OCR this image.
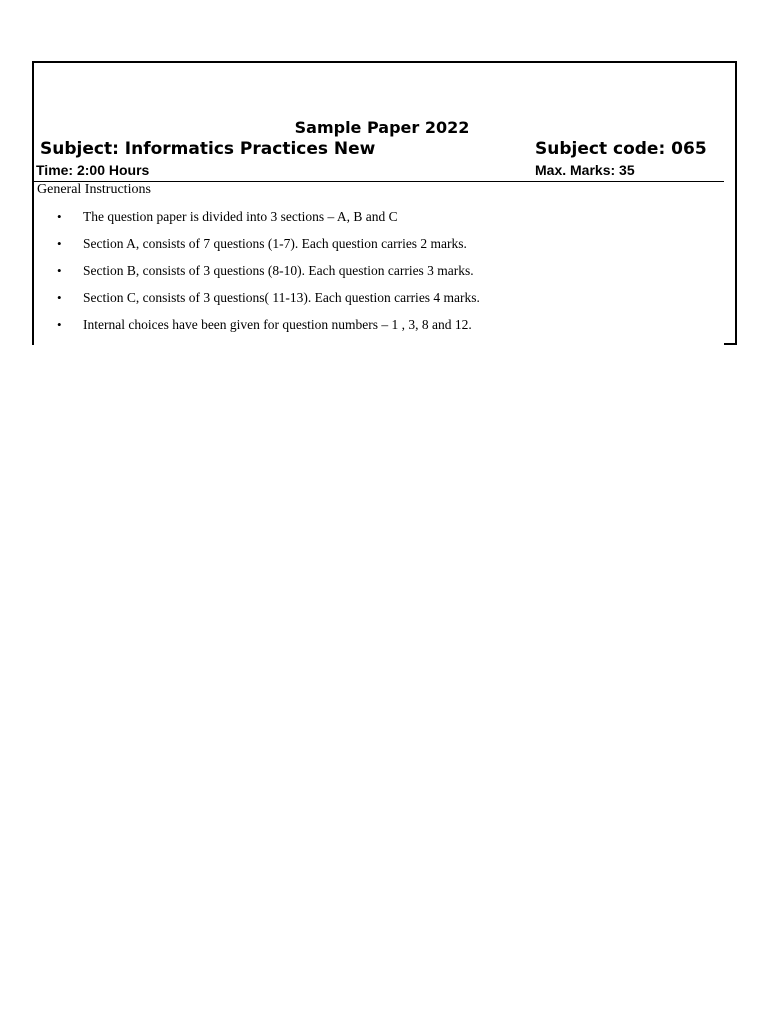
Sample Paper 2022
Subject: Informatics Practices New	Subject code: 065
Time: 2:00 Hours	Max. Marks: 35
General Instructions
• The question paper is divided into 3 sections – A, B and C
• Section A, consists of 7 questions (1-7). Each question carries 2 marks.
• Section B, consists of 3 questions (8-10). Each question carries 3 marks.
• Section C, consists of 3 questions( 11-13). Each question carries 4 marks.
• Internal choices have been given for question numbers – 1 , 3, 8 and 12.
